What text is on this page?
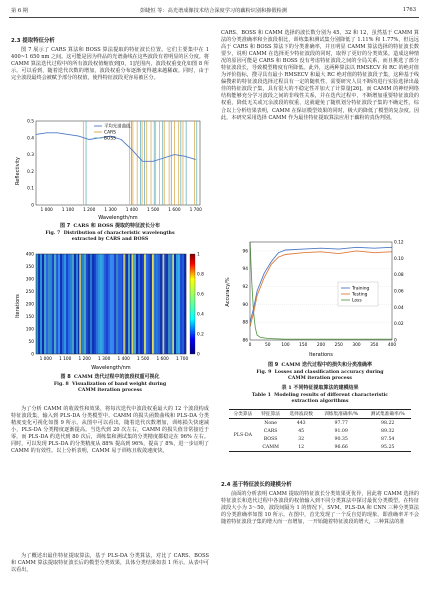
第 6 期	彭睫恒 等：高光谱成像技术结合深度学习的藕粉识别和掺假检测	1763
2.3 提取特征分析

图 7 展示了 CARS 算法和 BOSS 算法提取的特征波长位置。它们主要集中在 1 400~1 650 nm 之间。这可能是因为样品的光谱曲线在这些波段有着明显的区分度。将 CAMM 算法迭代过程中的所有波段权值缩放到[0，1]范围内，波段权重变化如图 8 所示。可以看到，随着迭代次数的增加，波段权重分布逐渐变得越来越稀疏。同时，由于完全波段最终会被赋予部分的权值，使得特征波段更容易被区分。

Reflectivity
0.5
0.4
0.3
0.2
0.1
0
1 000 1 100 1 200 1 300 1 400 1 500 1 600 1 700
平均光谱曲线
CARS
BOSS
Wavelength/nm
图 7 CARS 和 BOSS 提取的特征波长分布
Fig. 7 Distribution of characteristic wavelengths
extracted by CARS and BOSS
Iterations
0
50
100
150
200
250
300
350
400	1
0.8
0.6
0.4
0.2
0
1 000 1 100 1 200 1 300 1 400 1 500 1 600 1 700
Wavelength/nm
图 8 CAMM 迭代过程中的波段权重可视化
Fig. 8 Visualization of band weight during
CAMM iteration process

为了分析 CAMM 的收敛性和效果，将每次迭代中波段权重最大的 12 个波段构成特征波段集，输入到 PLS-DA 分类模型中。CAMM 的损失函数曲线和 PLS-DA 分类精度变化可视化如图 9 所示。从图中可以看出，随着迭代次数增加，训练损失快速减小，PLS-DA 分类精度逐渐提高。当迭代到 20 次左右，CAMM 的损失值非常接近于零，而 PLS-DA 约迭代到 80 次后，训练集和测试集的分类精度都稳定在 96% 左右。同时，可以发现 PLS-DA 的分类精度从 88% 提高到 96%，提高了 8%，进一步证明了 CAMM 的有效性。以上分析表明，CAMM 易于训练且收敛速度快。

为了概述出最佳特征提取算法，基于 PLS-DA 分类算法，对比了 CARS、BOSS 和 CAMM 算法提取特征波长后的模型分类效果，具体分类结果如表 1 所示。从表中可以看出，

CARS、BOSS 和 CAMM 选择的波长数分别为 45、32 和 12，虽然基于 CAMM 算法的分类准确率和全波段相比，训练集和测试集分别降低了 1.11% 和 1.77%，但远远高于 CARS 和 BOSS 算法下的分类准确率，并且明显 CAMM 算法选择的特征波长数要少，说明 CAMM 在选择更少特征波段的同时，取得了更好的分类效果。造成这种情况的原因可能是 CARS 和 BOSS 没有考虑特征波段之间的全局关系，而且挑选了部分特征波段长，导致模型精度有所降低。此外，这两种算法以 RMSECV 和 RC 的绝对值为评价指标，搜寻具有最小 RMSECV 和最大 RC 绝对值的特征波段子集，这种基于线偏搜索的特征波段选择过程具有一定的随机性，需要研究人员不断的进行实验选择出最佳的特征波段子集，具有很大的不稳定性并加大了计算量[26]。而 CAMM 的神经网络结构能够充分学习波段之间的非线性关系，并在迭代过程中，不断增加重要特征波段的权重，降低无关或冗余波段的权重，这就避免了随机划分特征波段子集的不确定性，综合以上分析结果表明，CAMM 在保证模型效果的同时，极大的降低了模型的复杂度。因此，本研究采用选择 CAMM 作为最佳特征提取算法应用于藕粉的真伪判别。

Accuracy/%
96
94
92
90
88
86
0.12
0.10
0.08
0.06
0.04
0.02
0
0	50	100 150 200 250 300 350 400
Training
Testing
Loss
Iterations
图 9 CAMM 迭代过程中的损失和分类准确率
Fig. 9 Losses and classification accuracy during
CAMM iteration process
表 1 不同特征提取算法的建模结果
Table 1 Modeling results of different characteristic
extraction algorithms
分类算法	特征算法	选择波段数	训练集准确率/%	测试集准确率/%
PLS-DA	None	443	97.77	98.22
	CARS	45	91.09	89.32
	BOSS	32	90.35	87.54
	CAMM	12	96.66	95.25
2.4 基于特征波长的建模分析

前面的分析表明 CAMM 提取的特征波长分类效果更优异，因此将 CAMM 选择的特征波长和迭代过程中各波段的权值输入到不同分类算法中探讨最优分类模型。在特征波段大小为 3～50，波段间隔为 1 的情况下，SVM、PLS-DA 和 CNN 三种分类算法的分类准确率如图 10 所示。在图中，首先发现了一个反自觉的现象，即准确率并不会随着特征波段子集的增大而一直增加，一开始随着特征波段的增大，三种算法的准
